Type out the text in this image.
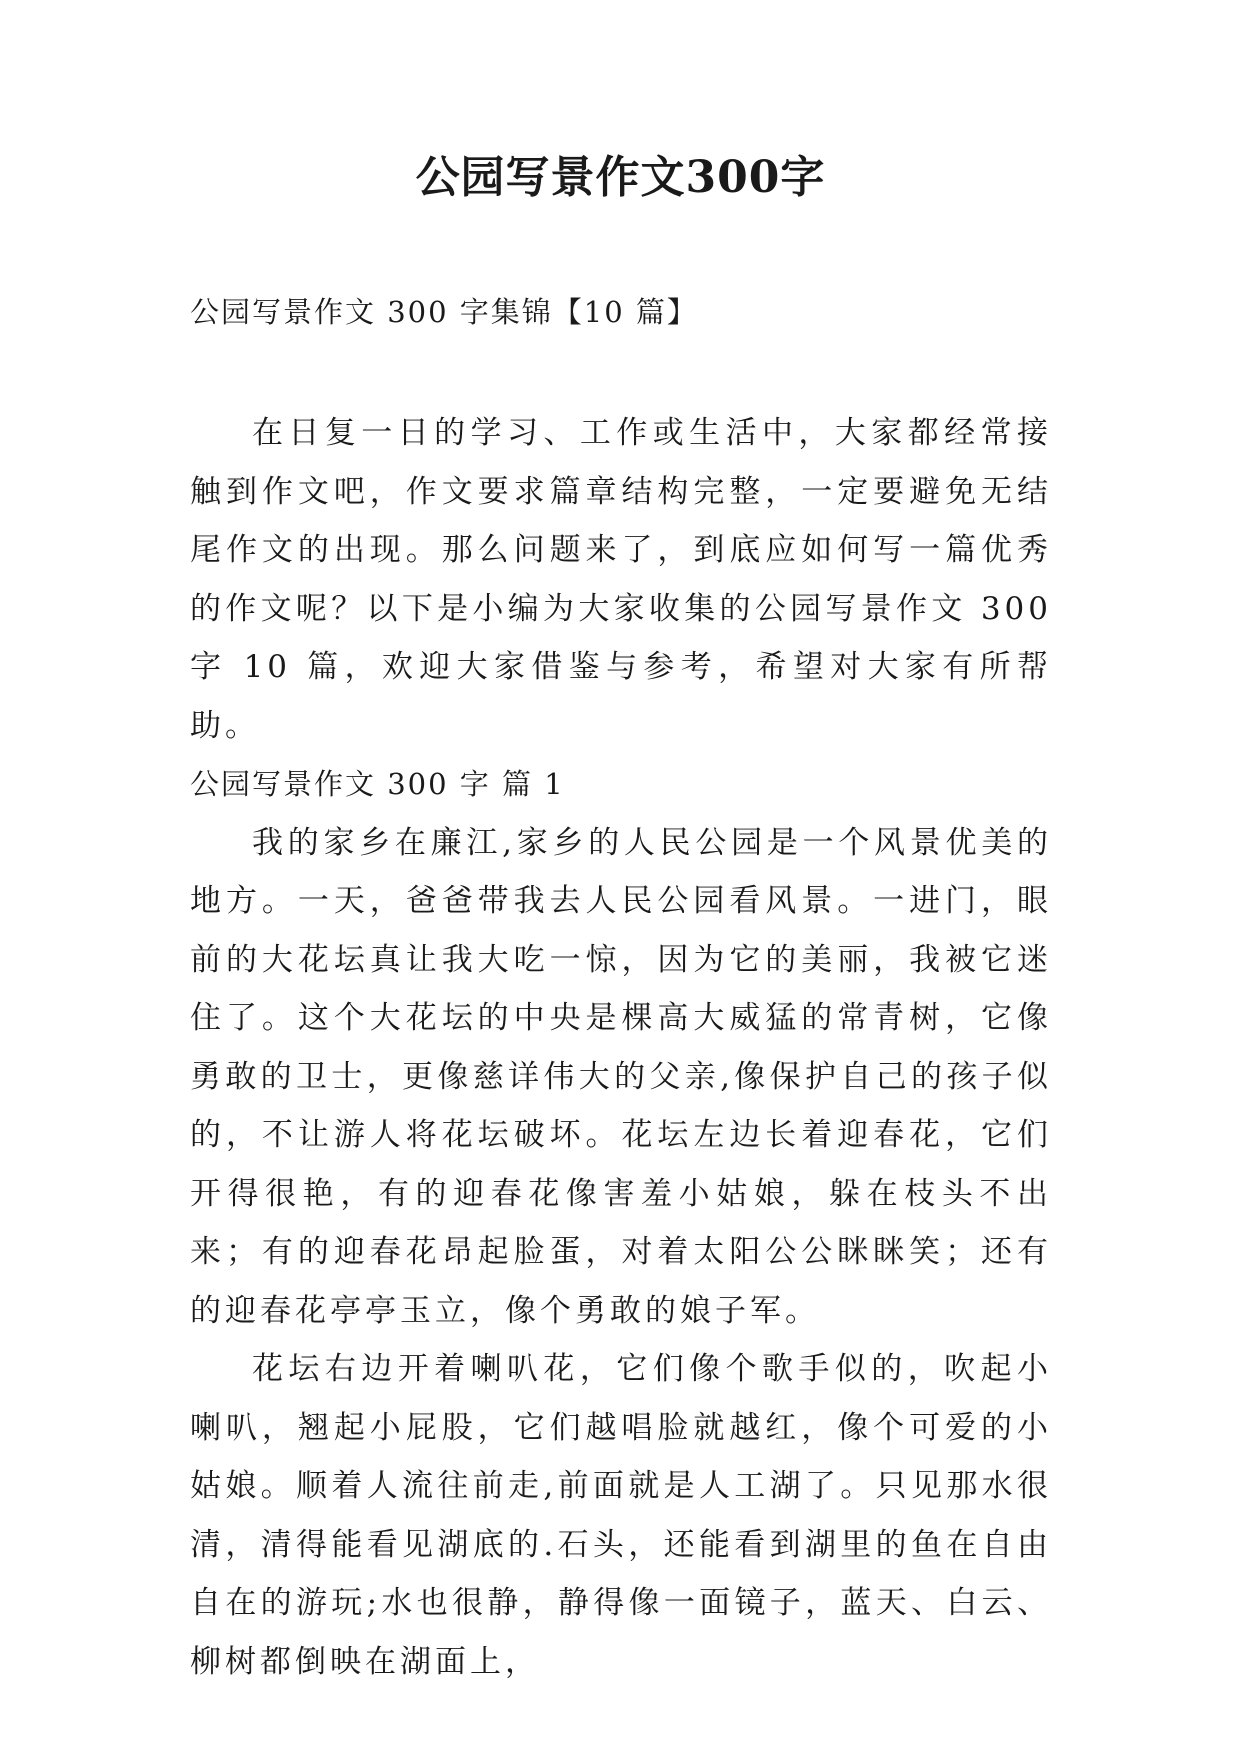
公园写景作文300字
公园写景作文 300 字集锦【10 篇】

在日复一日的学习、工作或生活中，大家都经常接触到作文吧，作文要求篇章结构完整，一定要避免无结尾作文的出现。那么问题来了，到底应如何写一篇优秀的作文呢？以下是小编为大家收集的公园写景作文 300 字 10 篇，欢迎大家借鉴与参考，希望对大家有所帮助。

公园写景作文 300 字 篇 1

我的家乡在廉江,家乡的人民公园是一个风景优美的地方。一天，爸爸带我去人民公园看风景。一进门，眼前的大花坛真让我大吃一惊，因为它的美丽，我被它迷住了。这个大花坛的中央是棵高大威猛的常青树，它像勇敢的卫士，更像慈详伟大的父亲,像保护自己的孩子似的，不让游人将花坛破坏。花坛左边长着迎春花，它们开得很艳，有的迎春花像害羞小姑娘，躲在枝头不出来；有的迎春花昂起脸蛋，对着太阳公公眯眯笑；还有的迎春花亭亭玉立，像个勇敢的娘子军。

花坛右边开着喇叭花，它们像个歌手似的，吹起小喇叭，翘起小屁股，它们越唱脸就越红，像个可爱的小姑娘。顺着人流往前走,前面就是人工湖了。只见那水很清，清得能看见湖底的.石头，还能看到湖里的鱼在自由自在的游玩;水也很静，静得像一面镜子，蓝天、白云、柳树都倒映在湖面上，
